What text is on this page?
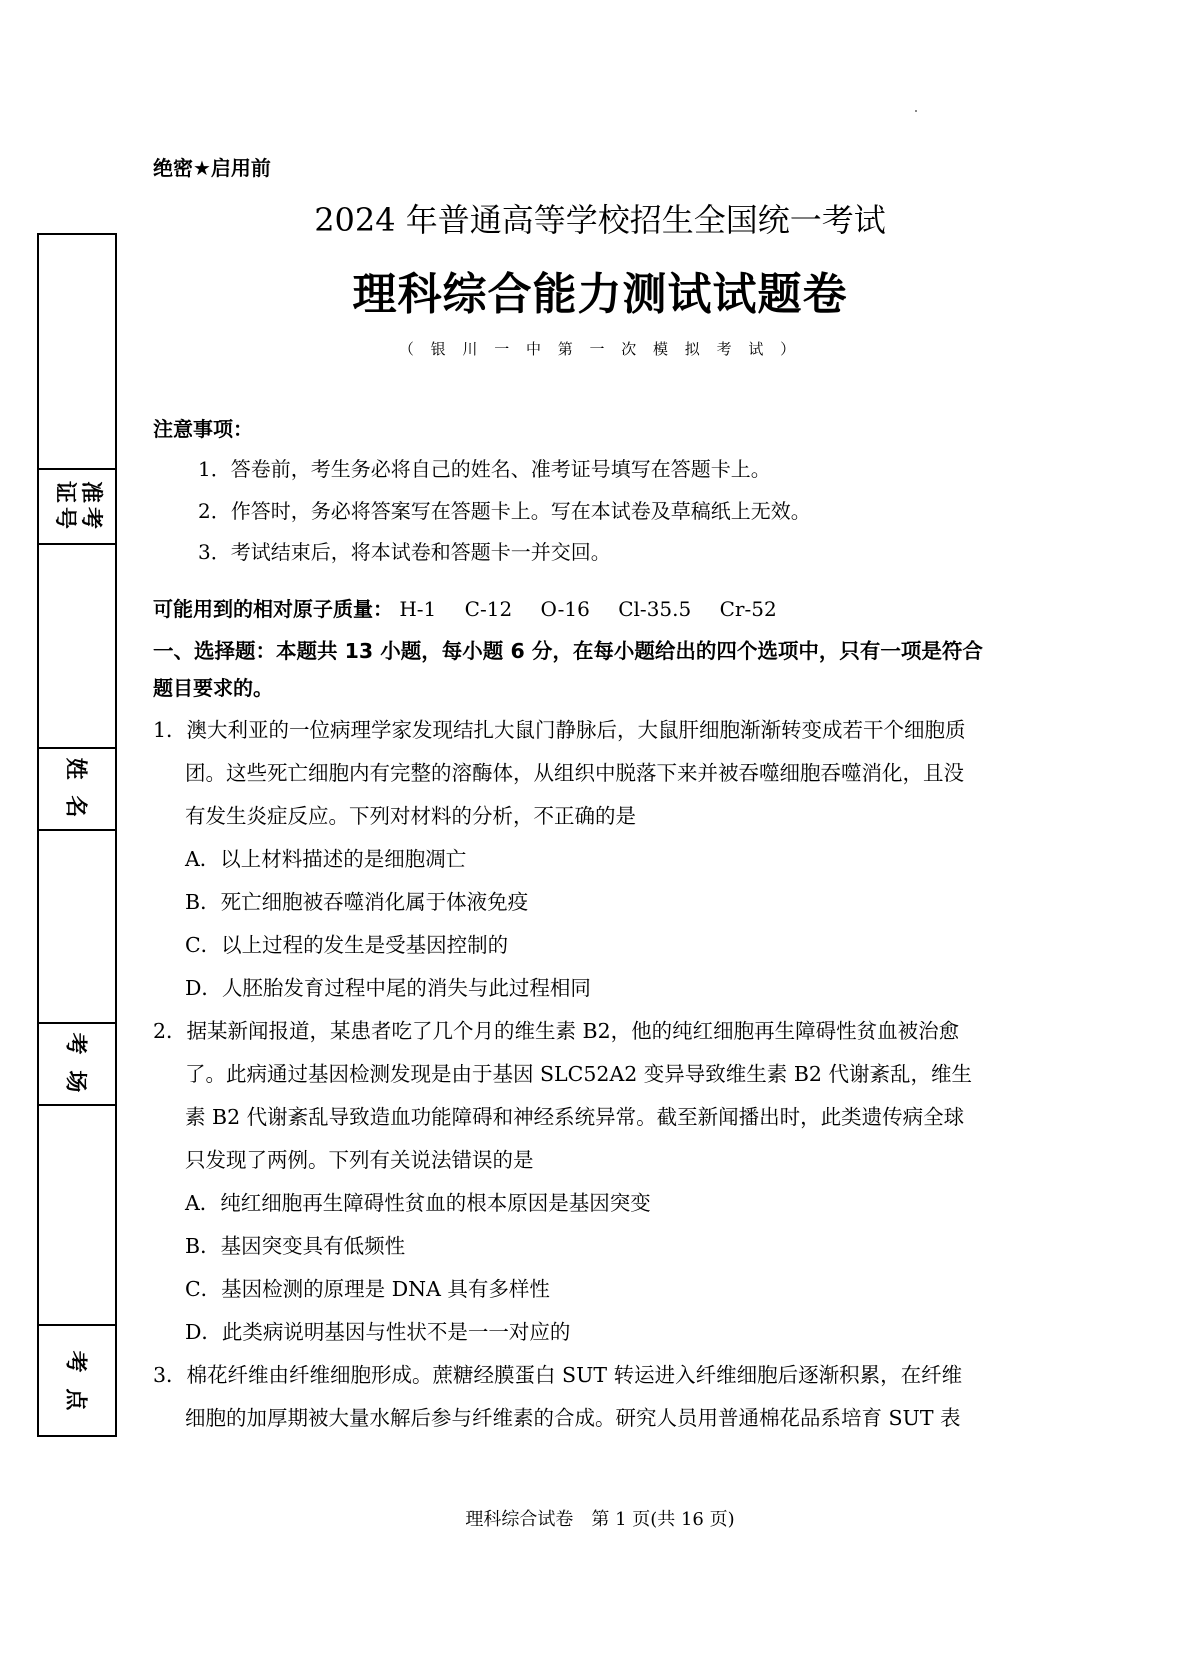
准考
证号
姓 名
考 场
考 点
绝密★启用前
2024 年普通高等学校招生全国统一考试
理科综合能力测试试题卷
（ 银 川 一 中 第 一 次 模 拟 考 试 ）
注意事项：
1．答卷前，考生务必将自己的姓名、准考证号填写在答题卡上。
2．作答时，务必将答案写在答题卡上。写在本试卷及草稿纸上无效。
3．考试结束后，将本试卷和答题卡一并交回。
可能用到的相对原子质量： H-1 C-12 O-16 Cl-35.5 Cr-52
一、选择题：本题共 13 小题，每小题 6 分，在每小题给出的四个选项中，只有一项是符合
题目要求的。
1．澳大利亚的一位病理学家发现结扎大鼠门静脉后，大鼠肝细胞渐渐转变成若干个细胞质
团。这些死亡细胞内有完整的溶酶体，从组织中脱落下来并被吞噬细胞吞噬消化，且没
有发生炎症反应。下列对材料的分析，不正确的是
A．以上材料描述的是细胞凋亡
B．死亡细胞被吞噬消化属于体液免疫
C．以上过程的发生是受基因控制的
D．人胚胎发育过程中尾的消失与此过程相同
2．据某新闻报道，某患者吃了几个月的维生素 B2，他的纯红细胞再生障碍性贫血被治愈
了。此病通过基因检测发现是由于基因 SLC52A2 变异导致维生素 B2 代谢紊乱，维生
素 B2 代谢紊乱导致造血功能障碍和神经系统异常。截至新闻播出时，此类遗传病全球
只发现了两例。下列有关说法错误的是
A．纯红细胞再生障碍性贫血的根本原因是基因突变
B．基因突变具有低频性
C．基因检测的原理是 DNA 具有多样性
D．此类病说明基因与性状不是一一对应的
3．棉花纤维由纤维细胞形成。蔗糖经膜蛋白 SUT 转运进入纤维细胞后逐渐积累，在纤维
细胞的加厚期被大量水解后参与纤维素的合成。研究人员用普通棉花品系培育 SUT 表
理科综合试卷　第 1 页(共 16 页)
